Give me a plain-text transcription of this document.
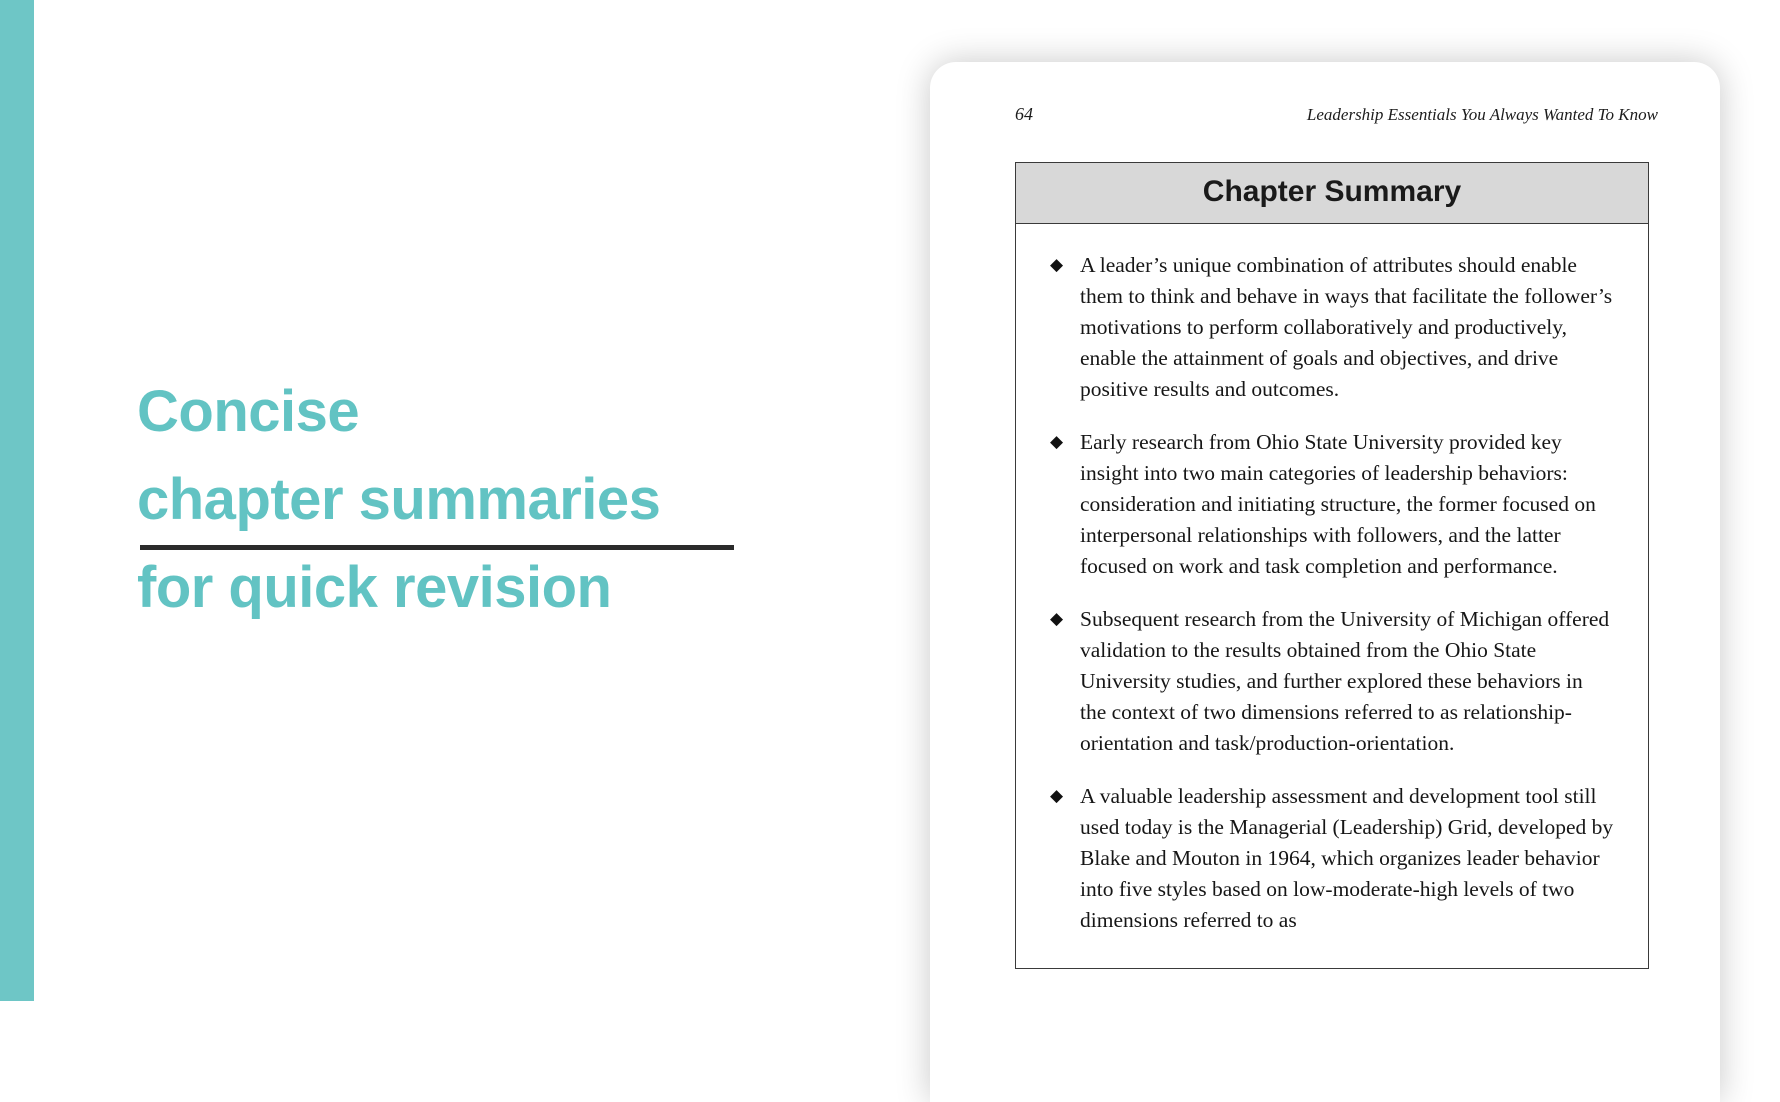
Concise
chapter summaries
for quick revision
64	Leadership Essentials You Always Wanted To Know
Chapter Summary
◆ A leader’s unique combination of attributes should enable them to think and behave in ways that facilitate the follower’s motivations to perform collaboratively and productively, enable the attainment of goals and objectives, and drive positive results and outcomes.
◆ Early research from Ohio State University provided key insight into two main categories of leadership behaviors: consideration and initiating structure, the former focused on interpersonal relationships with followers, and the latter focused on work and task completion and performance.
◆ Subsequent research from the University of Michigan offered validation to the results obtained from the Ohio State University studies, and further explored these behaviors in the context of two dimensions referred to as relationship-orientation and task/production-orientation.
◆ A valuable leadership assessment and development tool still used today is the Managerial (Leadership) Grid, developed by Blake and Mouton in 1964, which organizes leader behavior into five styles based on low-moderate-high levels of two dimensions referred to as
